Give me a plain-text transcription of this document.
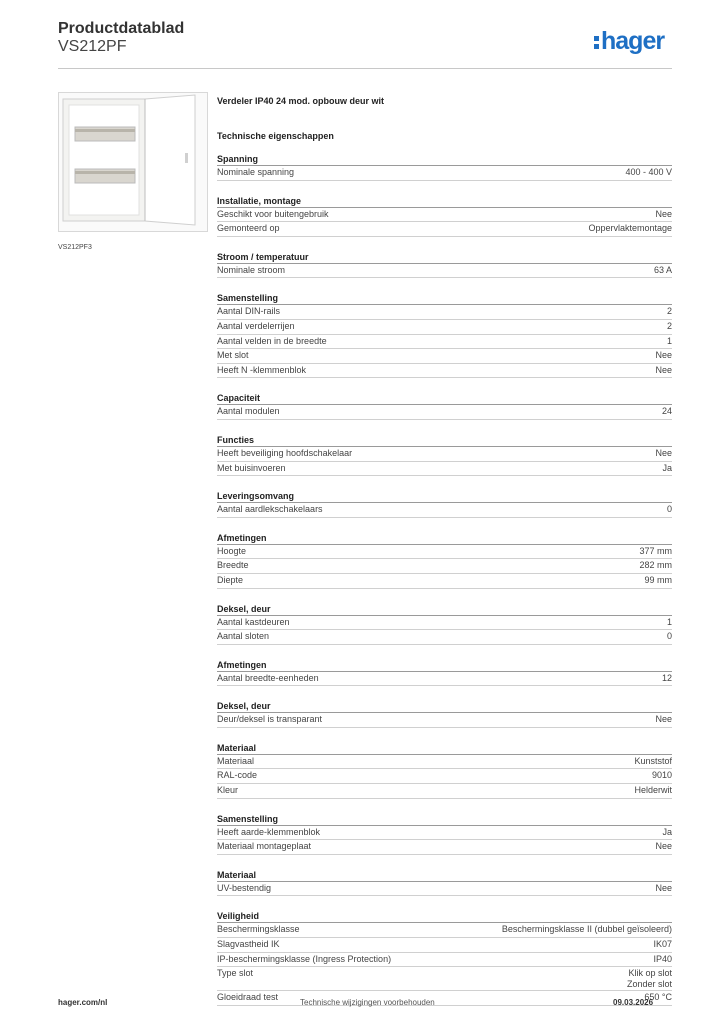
Productdatablad
VS212PF	hager
VS212PF3
Verdeler IP40 24 mod. opbouw deur wit
Technische eigenschappen
Spanning
Nominale spanning	400 - 400 V
Installatie, montage
Geschikt voor buitengebruik	Nee
Gemonteerd op	Oppervlaktemontage
Stroom / temperatuur
Nominale stroom	63 A
Samenstelling
Aantal DIN-rails	2
Aantal verdelerrijen	2
Aantal velden in de breedte	1
Met slot	Nee
Heeft N -klemmenblok	Nee
Capaciteit
Aantal modulen	24
Functies
Heeft beveiliging hoofdschakelaar	Nee
Met buisinvoeren	Ja
Leveringsomvang
Aantal aardlekschakelaars	0
Afmetingen
Hoogte	377 mm
Breedte	282 mm
Diepte	99 mm
Deksel, deur
Aantal kastdeuren	1
Aantal sloten	0
Afmetingen
Aantal breedte-eenheden	12
Deksel, deur
Deur/deksel is transparant	Nee
Materiaal
Materiaal	Kunststof
RAL-code	9010
Kleur	Helderwit
Samenstelling
Heeft aarde-klemmenblok	Ja
Materiaal montageplaat	Nee
Materiaal
UV-bestendig	Nee
Veiligheid
Beschermingsklasse	Beschermingsklasse II (dubbel geïsoleerd)
Slagvastheid IK	IK07
IP-beschermingsklasse (Ingress Protection)	IP40
Type slot	Klik op slot
Zonder slot
Gloeidraad test	650 °C
hager.com/nl	Technische wijzigingen voorbehouden	09.03.2026
